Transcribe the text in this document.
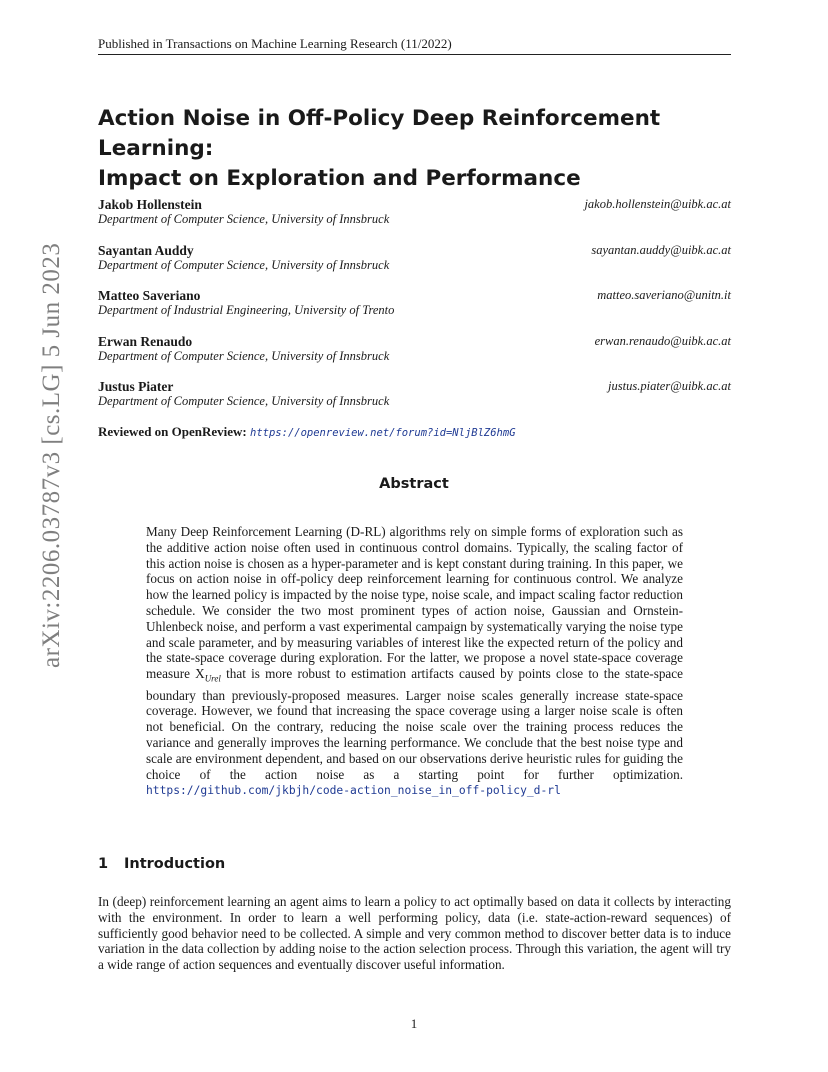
arXiv:2206.03787v3 [cs.LG] 5 Jun 2023
Published in Transactions on Machine Learning Research (11/2022)
Action Noise in Off-Policy Deep Reinforcement Learning:
Impact on Exploration and Performance
Jakob Hollenstein	jakob.hollenstein@uibk.ac.at
Department of Computer Science, University of Innsbruck
Sayantan Auddy	sayantan.auddy@uibk.ac.at
Department of Computer Science, University of Innsbruck
Matteo Saveriano	matteo.saveriano@unitn.it
Department of Industrial Engineering, University of Trento
Erwan Renaudo	erwan.renaudo@uibk.ac.at
Department of Computer Science, University of Innsbruck
Justus Piater	justus.piater@uibk.ac.at
Department of Computer Science, University of Innsbruck
Reviewed on OpenReview: https://openreview.net/forum?id=NljBlZ6hmG
Abstract
Many Deep Reinforcement Learning (D-RL) algorithms rely on simple forms of exploration such as the additive action noise often used in continuous control domains. Typically, the scaling factor of this action noise is chosen as a hyper-parameter and is kept constant during training. In this paper, we focus on action noise in off-policy deep reinforcement learning for continuous control. We analyze how the learned policy is impacted by the noise type, noise scale, and impact scaling factor reduction schedule. We consider the two most prominent types of action noise, Gaussian and Ornstein-Uhlenbeck noise, and perform a vast experimental campaign by systematically varying the noise type and scale parameter, and by measuring variables of interest like the expected return of the policy and the state-space coverage during exploration. For the latter, we propose a novel state-space coverage measure $X_{Urel}$ that is more robust to estimation artifacts caused by points close to the state-space boundary than previously-proposed measures. Larger noise scales generally increase state-space coverage. However, we found that increasing the space coverage using a larger noise scale is often not beneficial. On the contrary, reducing the noise scale over the training process reduces the variance and generally improves the learning performance. We conclude that the best noise type and scale are environment dependent, and based on our observations derive heuristic rules for guiding the choice of the action noise as a starting point for further optimization. https://github.com/jkbjh/code-action_noise_in_off-policy_d-rl
1 Introduction
In (deep) reinforcement learning an agent aims to learn a policy to act optimally based on data it collects by interacting with the environment. In order to learn a well performing policy, data (i.e. state-action-reward sequences) of sufficiently good behavior need to be collected. A simple and very common method to discover better data is to induce variation in the data collection by adding noise to the action selection process. Through this variation, the agent will try a wide range of action sequences and eventually discover useful information.
1
